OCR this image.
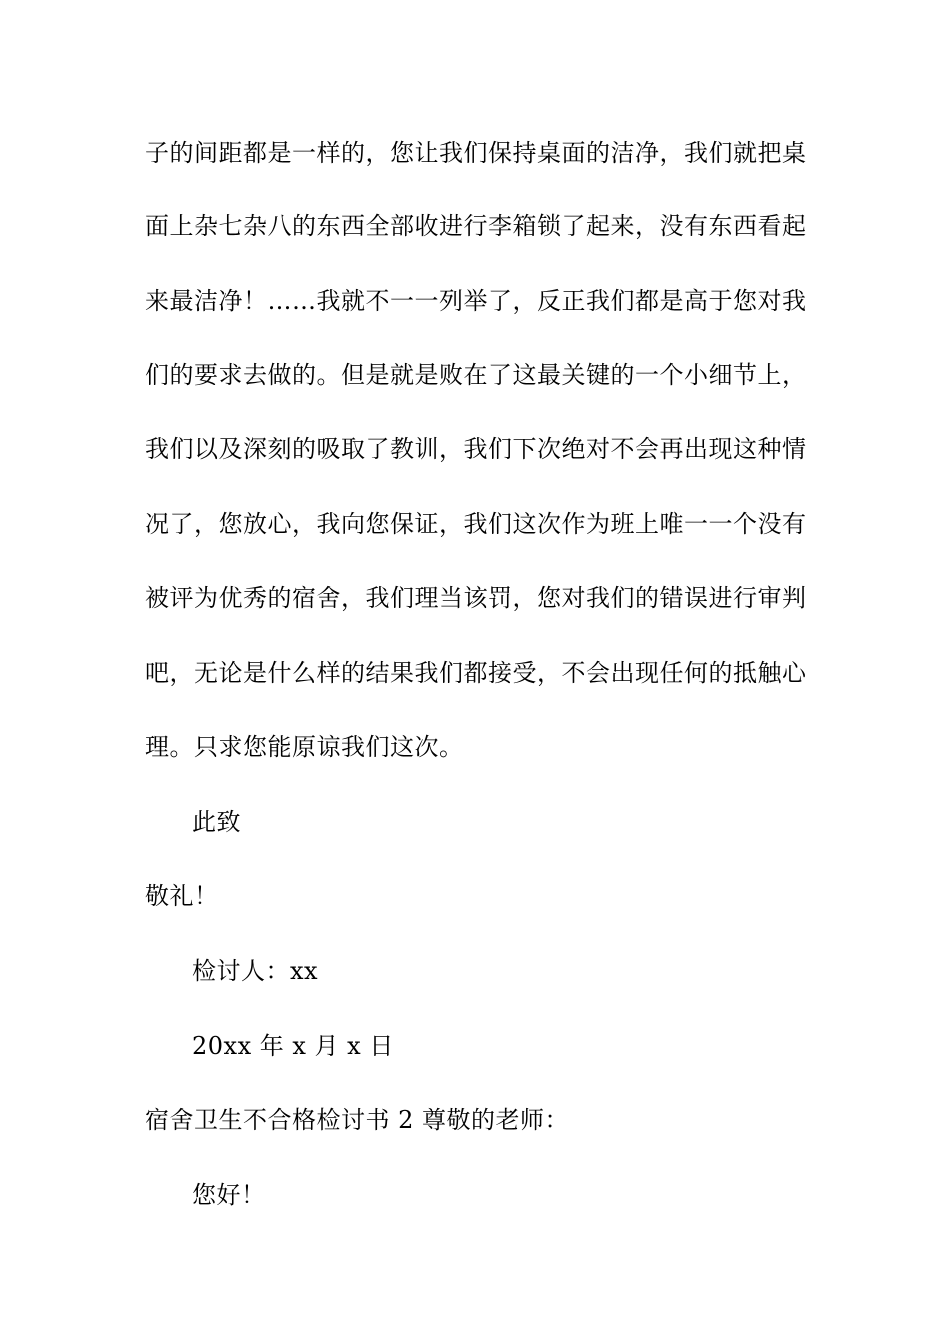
子的间距都是一样的，您让我们保持桌面的洁净，我们就把桌
面上杂七杂八的东西全部收进行李箱锁了起来，没有东西看起
来最洁净！……我就不一一列举了，反正我们都是高于您对我
们的要求去做的。但是就是败在了这最关键的一个小细节上，
我们以及深刻的吸取了教训，我们下次绝对不会再出现这种情
况了，您放心，我向您保证，我们这次作为班上唯一一个没有
被评为优秀的宿舍，我们理当该罚，您对我们的错误进行审判
吧，无论是什么样的结果我们都接受，不会出现任何的抵触心
理。只求您能原谅我们这次。
此致
敬礼！
检讨人：xx
20xx 年 x 月 x 日
宿舍卫生不合格检讨书 2 尊敬的老师：
您好！
